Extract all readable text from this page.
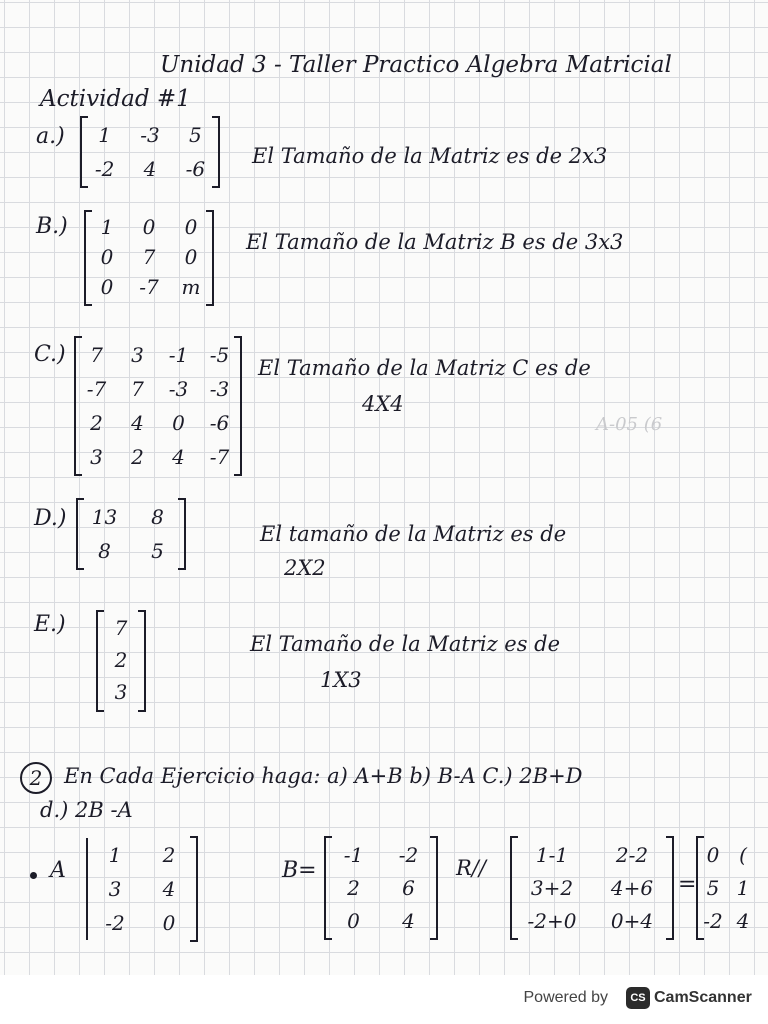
Unidad 3 - Taller Practico Algebra Matricial
Actividad #1
a.)	1	-3	5
-2	4	-6
El Tamaño de la Matriz es de 2x3
B.)	1	0	0
0	7	0
0	-7	m
El Tamaño de la Matriz B es de 3x3
C.)	7	3	-1	-5
-7	7	-3	-3
2	4	0	-6
3	2	4	-7
El Tamaño de la Matriz C es de
4X4
D.)	13	8
8	5
El tamaño de la Matriz es de
2X2
E.)	7
2
3
El Tamaño de la Matriz es de
1X3
2	En Cada Ejercicio haga: a) A+B b) B-A C.) 2B+D
d.) 2B -A
A
1	2
3	4
-2	0
B=
-1	-2
2	6
0	4
R//
1-1	2-2
3+2	4+6
-2+0	0+4
=
0 (
5 1
-2 4
A-05 (6
Powered by	CS CamScanner
